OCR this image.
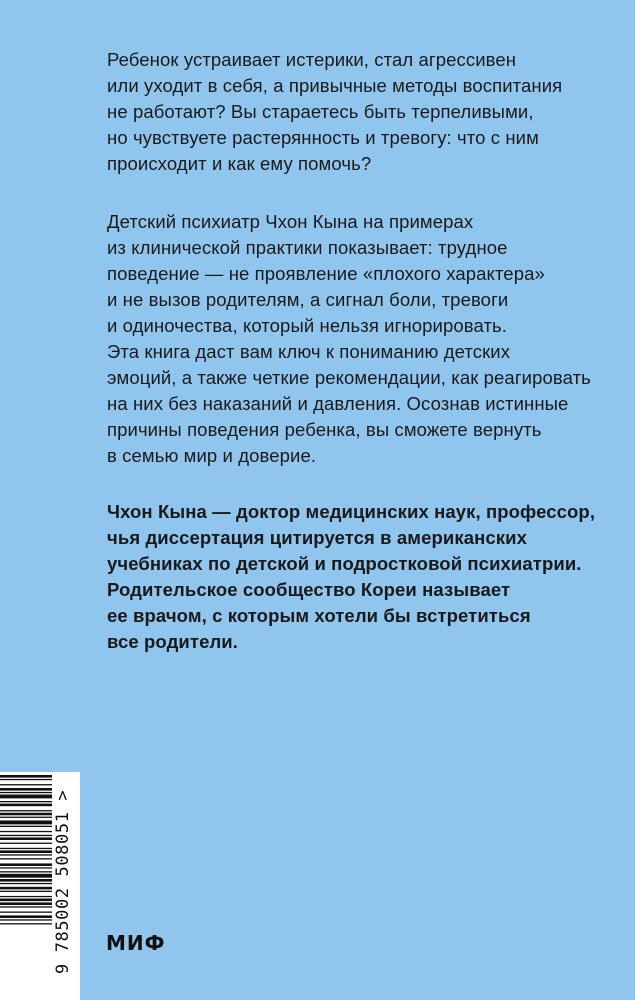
Ребенок устраивает истерики, стал агрессивен
или уходит в себя, а привычные методы воспитания
не работают? Вы стараетесь быть терпеливыми,
но чувствуете растерянность и тревогу: что с ним
происходит и как ему помочь?
Детский психиатр Чхон Кына на примерах
из клинической практики показывает: трудное
поведение — не проявление «плохого характера»
и не вызов родителям, а сигнал боли, тревоги
и одиночества, который нельзя игнорировать.
Эта книга даст вам ключ к пониманию детских
эмоций, а также четкие рекомендации, как реагировать
на них без наказаний и давления. Осознав истинные
причины поведения ребенка, вы сможете вернуть
в семью мир и доверие.
Чхон Кына — доктор медицинских наук, профессор,
чья диссертация цитируется в американских
учебниках по детской и подростковой психиатрии.
Родительское сообщество Кореи называет
ее врачом, с которым хотели бы встретиться
все родители.
9 785002 508051 > МИФ
